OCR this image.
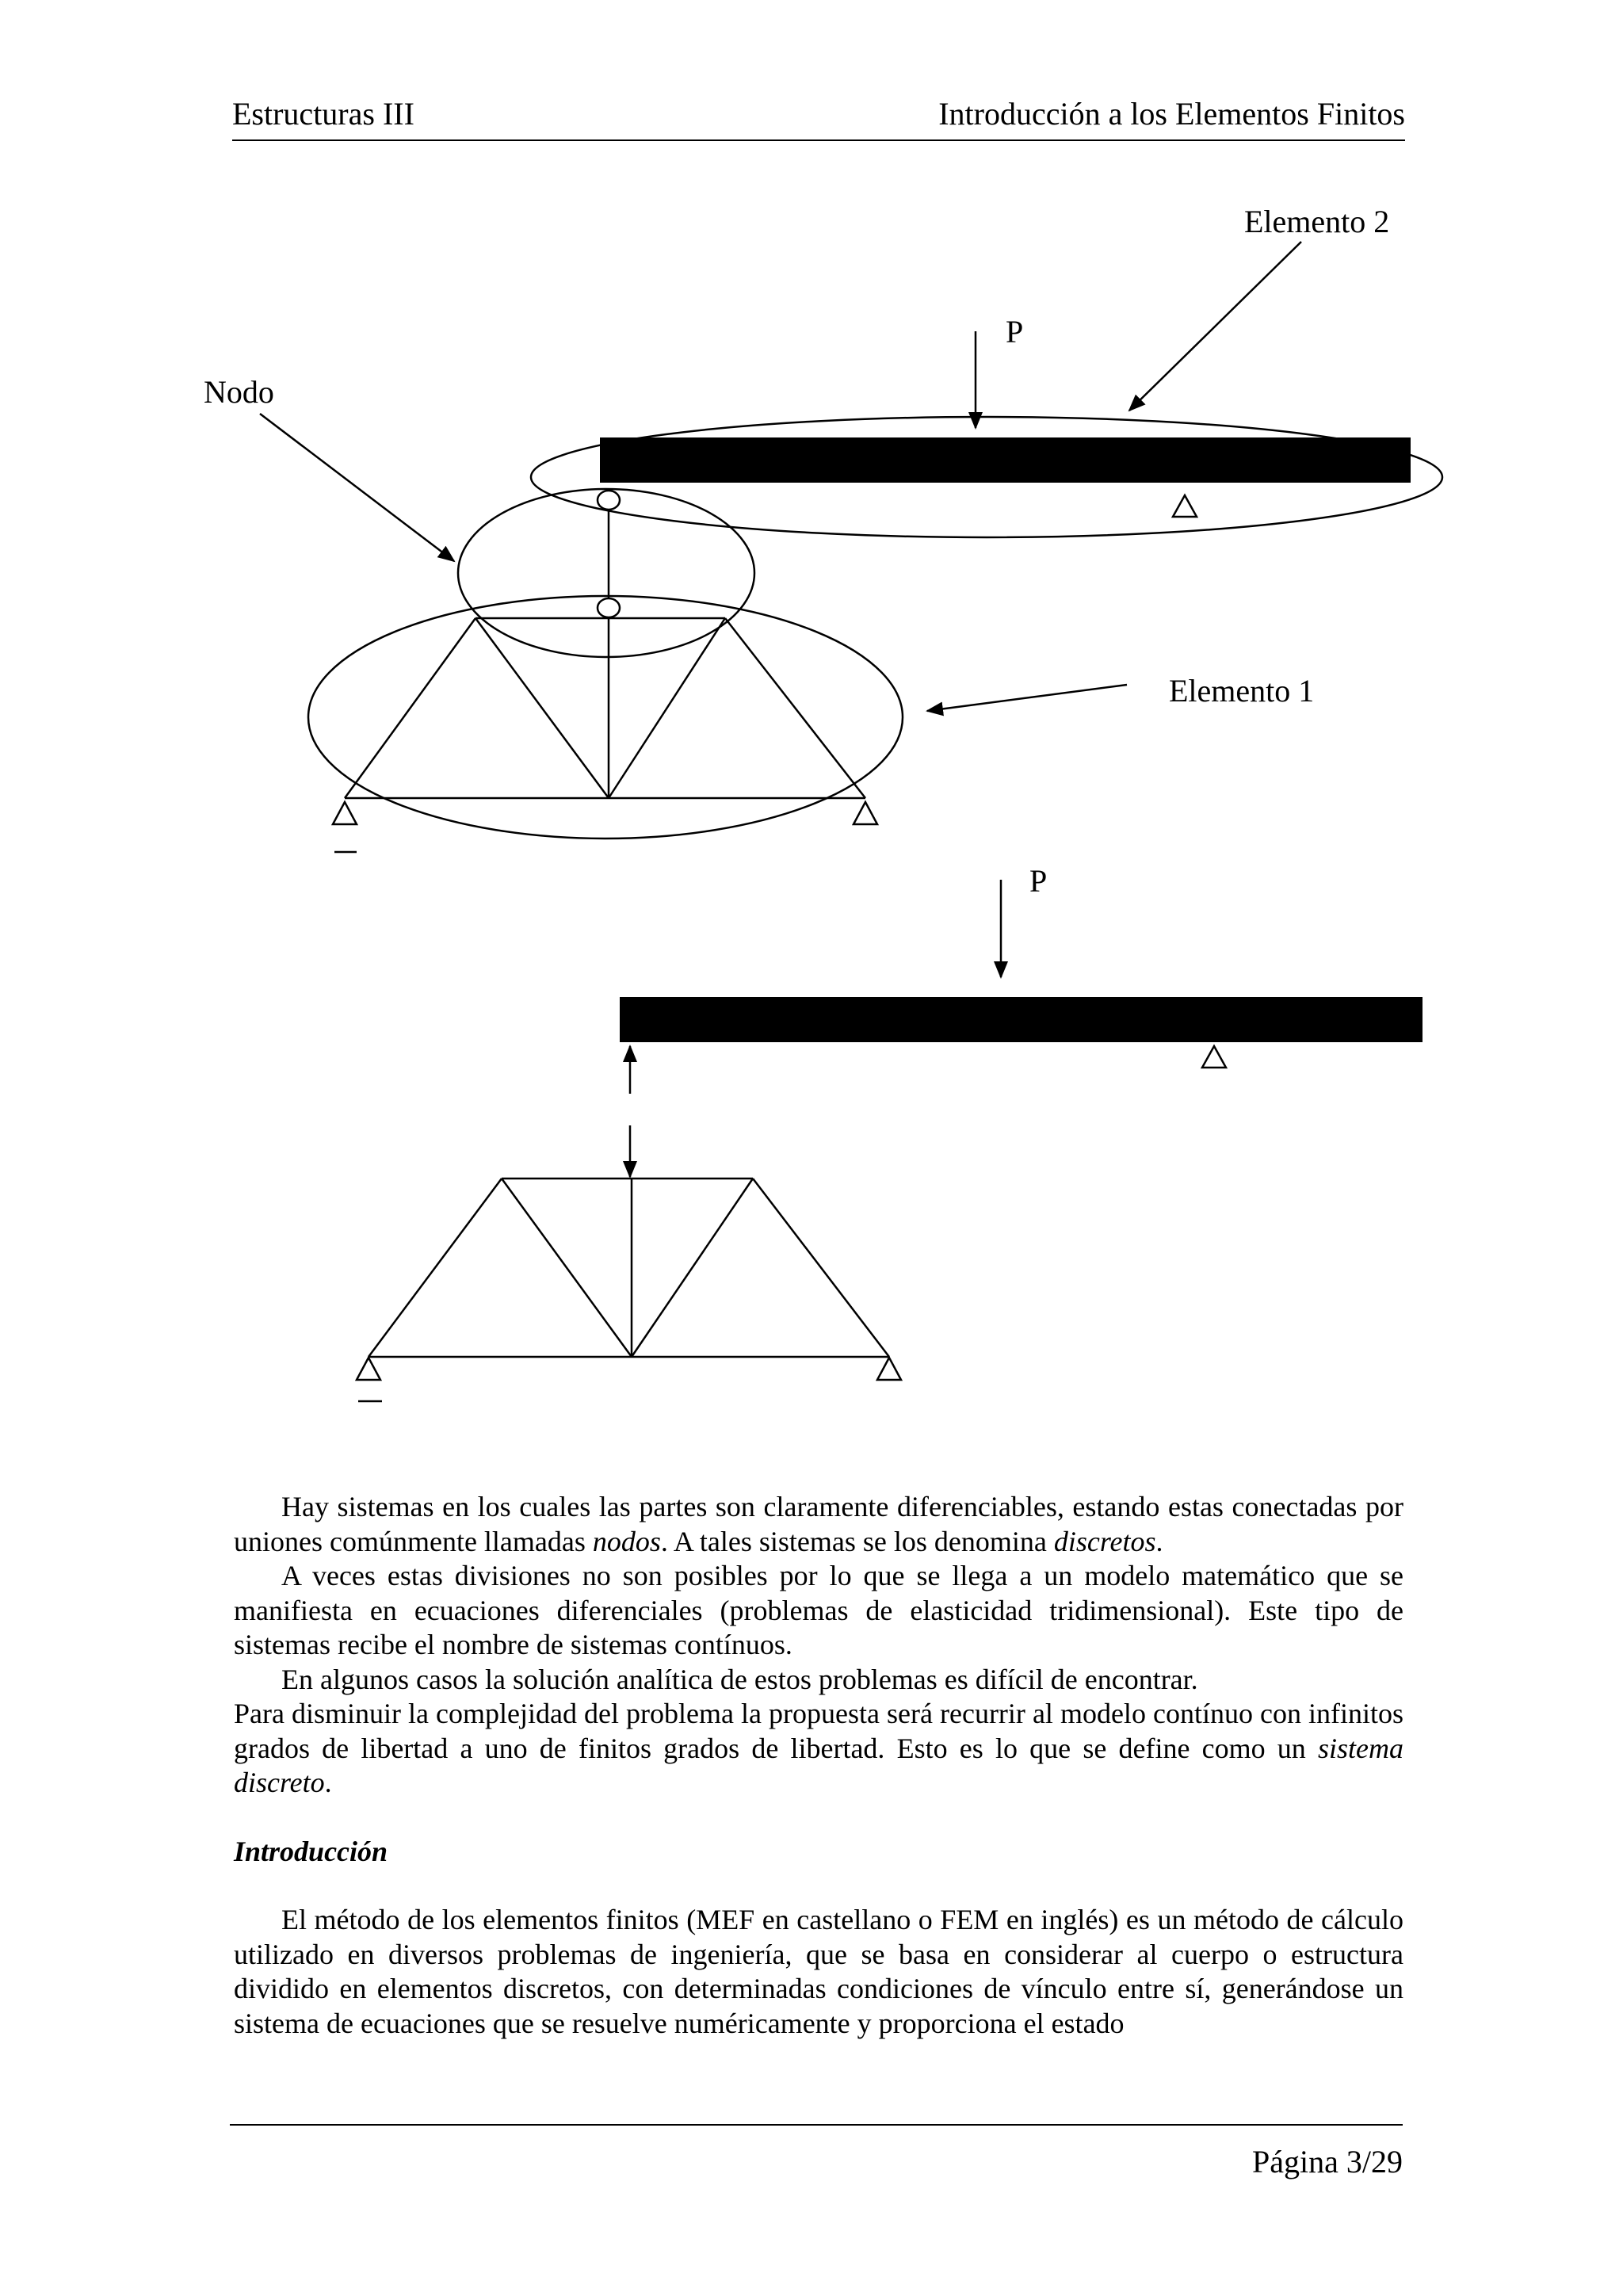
Estructuras III	Introducción a los Elementos Finitos
P
Elemento 2
Nodo
Elemento 1
P

Hay sistemas en los cuales las partes son claramente diferenciables, estando estas conectadas por uniones comúnmente llamadas nodos. A tales sistemas se los denomina discretos.

A veces estas divisiones no son posibles por lo que se llega a un modelo matemático que se manifiesta en ecuaciones diferenciales (problemas de elasticidad tridimensional). Este tipo de sistemas recibe el nombre de sistemas contínuos.

En algunos casos la solución analítica de estos problemas es difícil de encontrar.

Para disminuir la complejidad del problema la propuesta será recurrir al modelo contínuo con infinitos grados de libertad a uno de finitos grados de libertad. Esto es lo que se define como un sistema discreto.

Introducción

El método de los elementos finitos (MEF en castellano o FEM en inglés) es un método de cálculo utilizado en diversos problemas de ingeniería, que se basa en considerar al cuerpo o estructura dividido en elementos discretos, con determinadas condiciones de vínculo entre sí, generándose un sistema de ecuaciones que se resuelve numéricamente y proporciona el estado

Página 3/29
